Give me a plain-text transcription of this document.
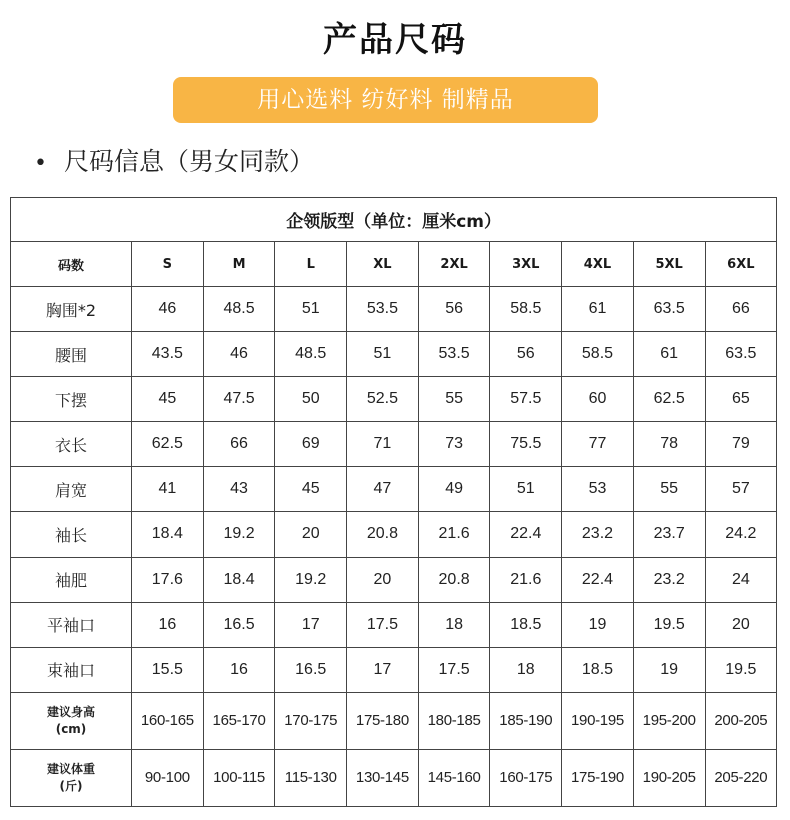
产品尺码
用心选料 纺好料 制精品
• 尺码信息（男女同款）
企领版型（单位：厘米cm）									
码数	S	M	L	XL	2XL	3XL	4XL	5XL	6XL
胸围*2	46	48.5	51	53.5	56	58.5	61	63.5	66
腰围	43.5	46	48.5	51	53.5	56	58.5	61	63.5
下摆	45	47.5	50	52.5	55	57.5	60	62.5	65
衣长	62.5	66	69	71	73	75.5	77	78	79
肩宽	41	43	45	47	49	51	53	55	57
袖长	18.4	19.2	20	20.8	21.6	22.4	23.2	23.7	24.2
袖肥	17.6	18.4	19.2	20	20.8	21.6	22.4	23.2	24
平袖口	16	16.5	17	17.5	18	18.5	19	19.5	20
束袖口	15.5	16	16.5	17	17.5	18	18.5	19	19.5

建议身高
(cm)	160-165	165-170	170-175	175-180	180-185	185-190	190-195	195-200	200-205

建议体重
(斤)	90-100	100-115	115-130	130-145	145-160	160-175	175-190	190-205	205-220
